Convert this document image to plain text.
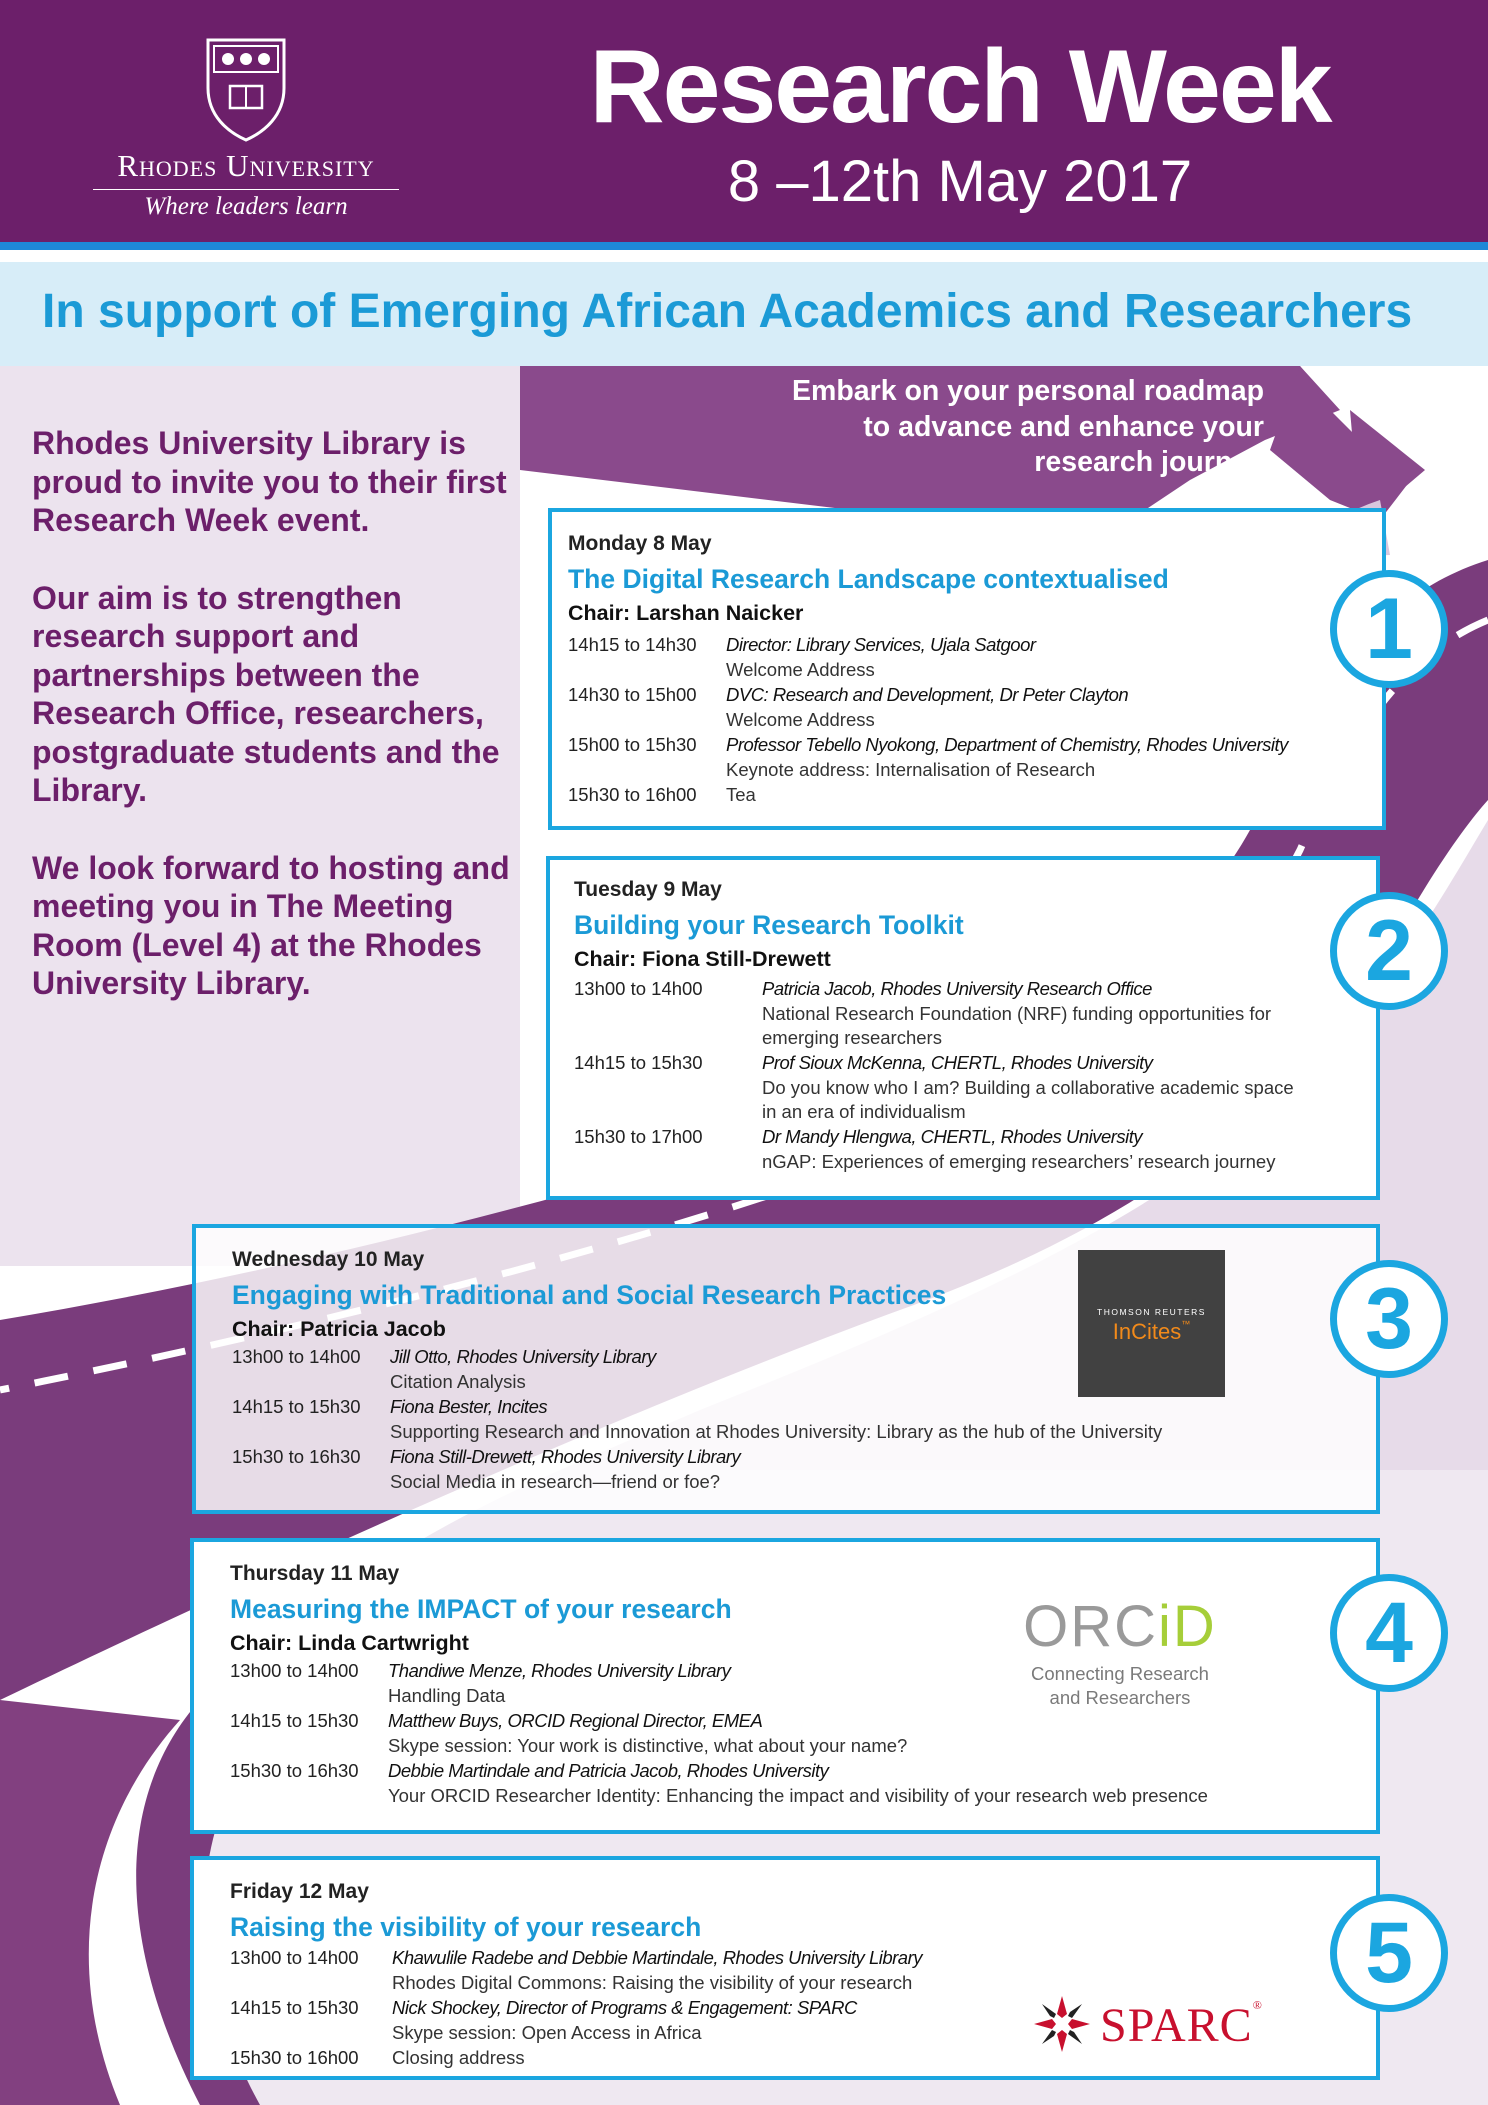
Rhodes University
Where leaders learn
Research Week
8 –12th May 2017
In support of Emerging African Academics and Researchers
Embark on your personal roadmap
to advance and enhance your
research journey

Rhodes University Library is proud to invite you to their first Research Week event.

Our aim is to strengthen research support and partnerships between the Research Office, researchers, postgraduate students and the Library.

We look forward to hosting and meeting you in The Meeting Room (Level 4) at the Rhodes University Library.

Monday 8 May
The Digital Research Landscape contextualised
Chair: Larshan Naicker
14h15 to 14h30	Director: Library Services, Ujala Satgoor
Welcome Address
14h30 to 15h00	DVC: Research and Development, Dr Peter Clayton
Welcome Address
15h00 to 15h30	Professor Tebello Nyokong, Department of Chemistry, Rhodes University
Keynote address: Internalisation of Research
15h30 to 16h00	Tea
Tuesday 9 May
Building your Research Toolkit
Chair: Fiona Still-Drewett
13h00 to 14h00	Patricia Jacob, Rhodes University Research Office
National Research Foundation (NRF) funding opportunities for emerging researchers
14h15 to 15h30	Prof Sioux McKenna, CHERTL, Rhodes University
Do you know who I am? Building a collaborative academic space in an era of individualism
15h30 to 17h00	Dr Mandy Hlengwa, CHERTL, Rhodes University
nGAP: Experiences of emerging researchers’ research journey
Wednesday 10 May
Engaging with Traditional and Social Research Practices
Chair: Patricia Jacob
13h00 to 14h00	Jill Otto, Rhodes University Library
Citation Analysis
14h15 to 15h30	Fiona Bester, Incites
Supporting Research and Innovation at Rhodes University: Library as the hub of the University
15h30 to 16h30	Fiona Still-Drewett, Rhodes University Library
Social Media in research—friend or foe?
THOMSON REUTERS
InCites™
Thursday 11 May
Measuring the IMPACT of your research
Chair: Linda Cartwright
13h00 to 14h00	Thandiwe Menze, Rhodes University Library
Handling Data
14h15 to 15h30	Matthew Buys, ORCID Regional Director, EMEA
Skype session: Your work is distinctive, what about your name?
15h30 to 16h30	Debbie Martindale and Patricia Jacob, Rhodes University
Your ORCID Researcher Identity: Enhancing the impact and visibility of your research web presence
ORCiD
Connecting Research
and Researchers
Friday 12 May
Raising the visibility of your research
13h00 to 14h00	Khawulile Radebe and Debbie Martindale, Rhodes University Library
Rhodes Digital Commons: Raising the visibility of your research
14h15 to 15h30	Nick Shockey, Director of Programs & Engagement: SPARC
Skype session: Open Access in Africa
15h30 to 16h00	Closing address
SPARC®
1
2
3
4
5
